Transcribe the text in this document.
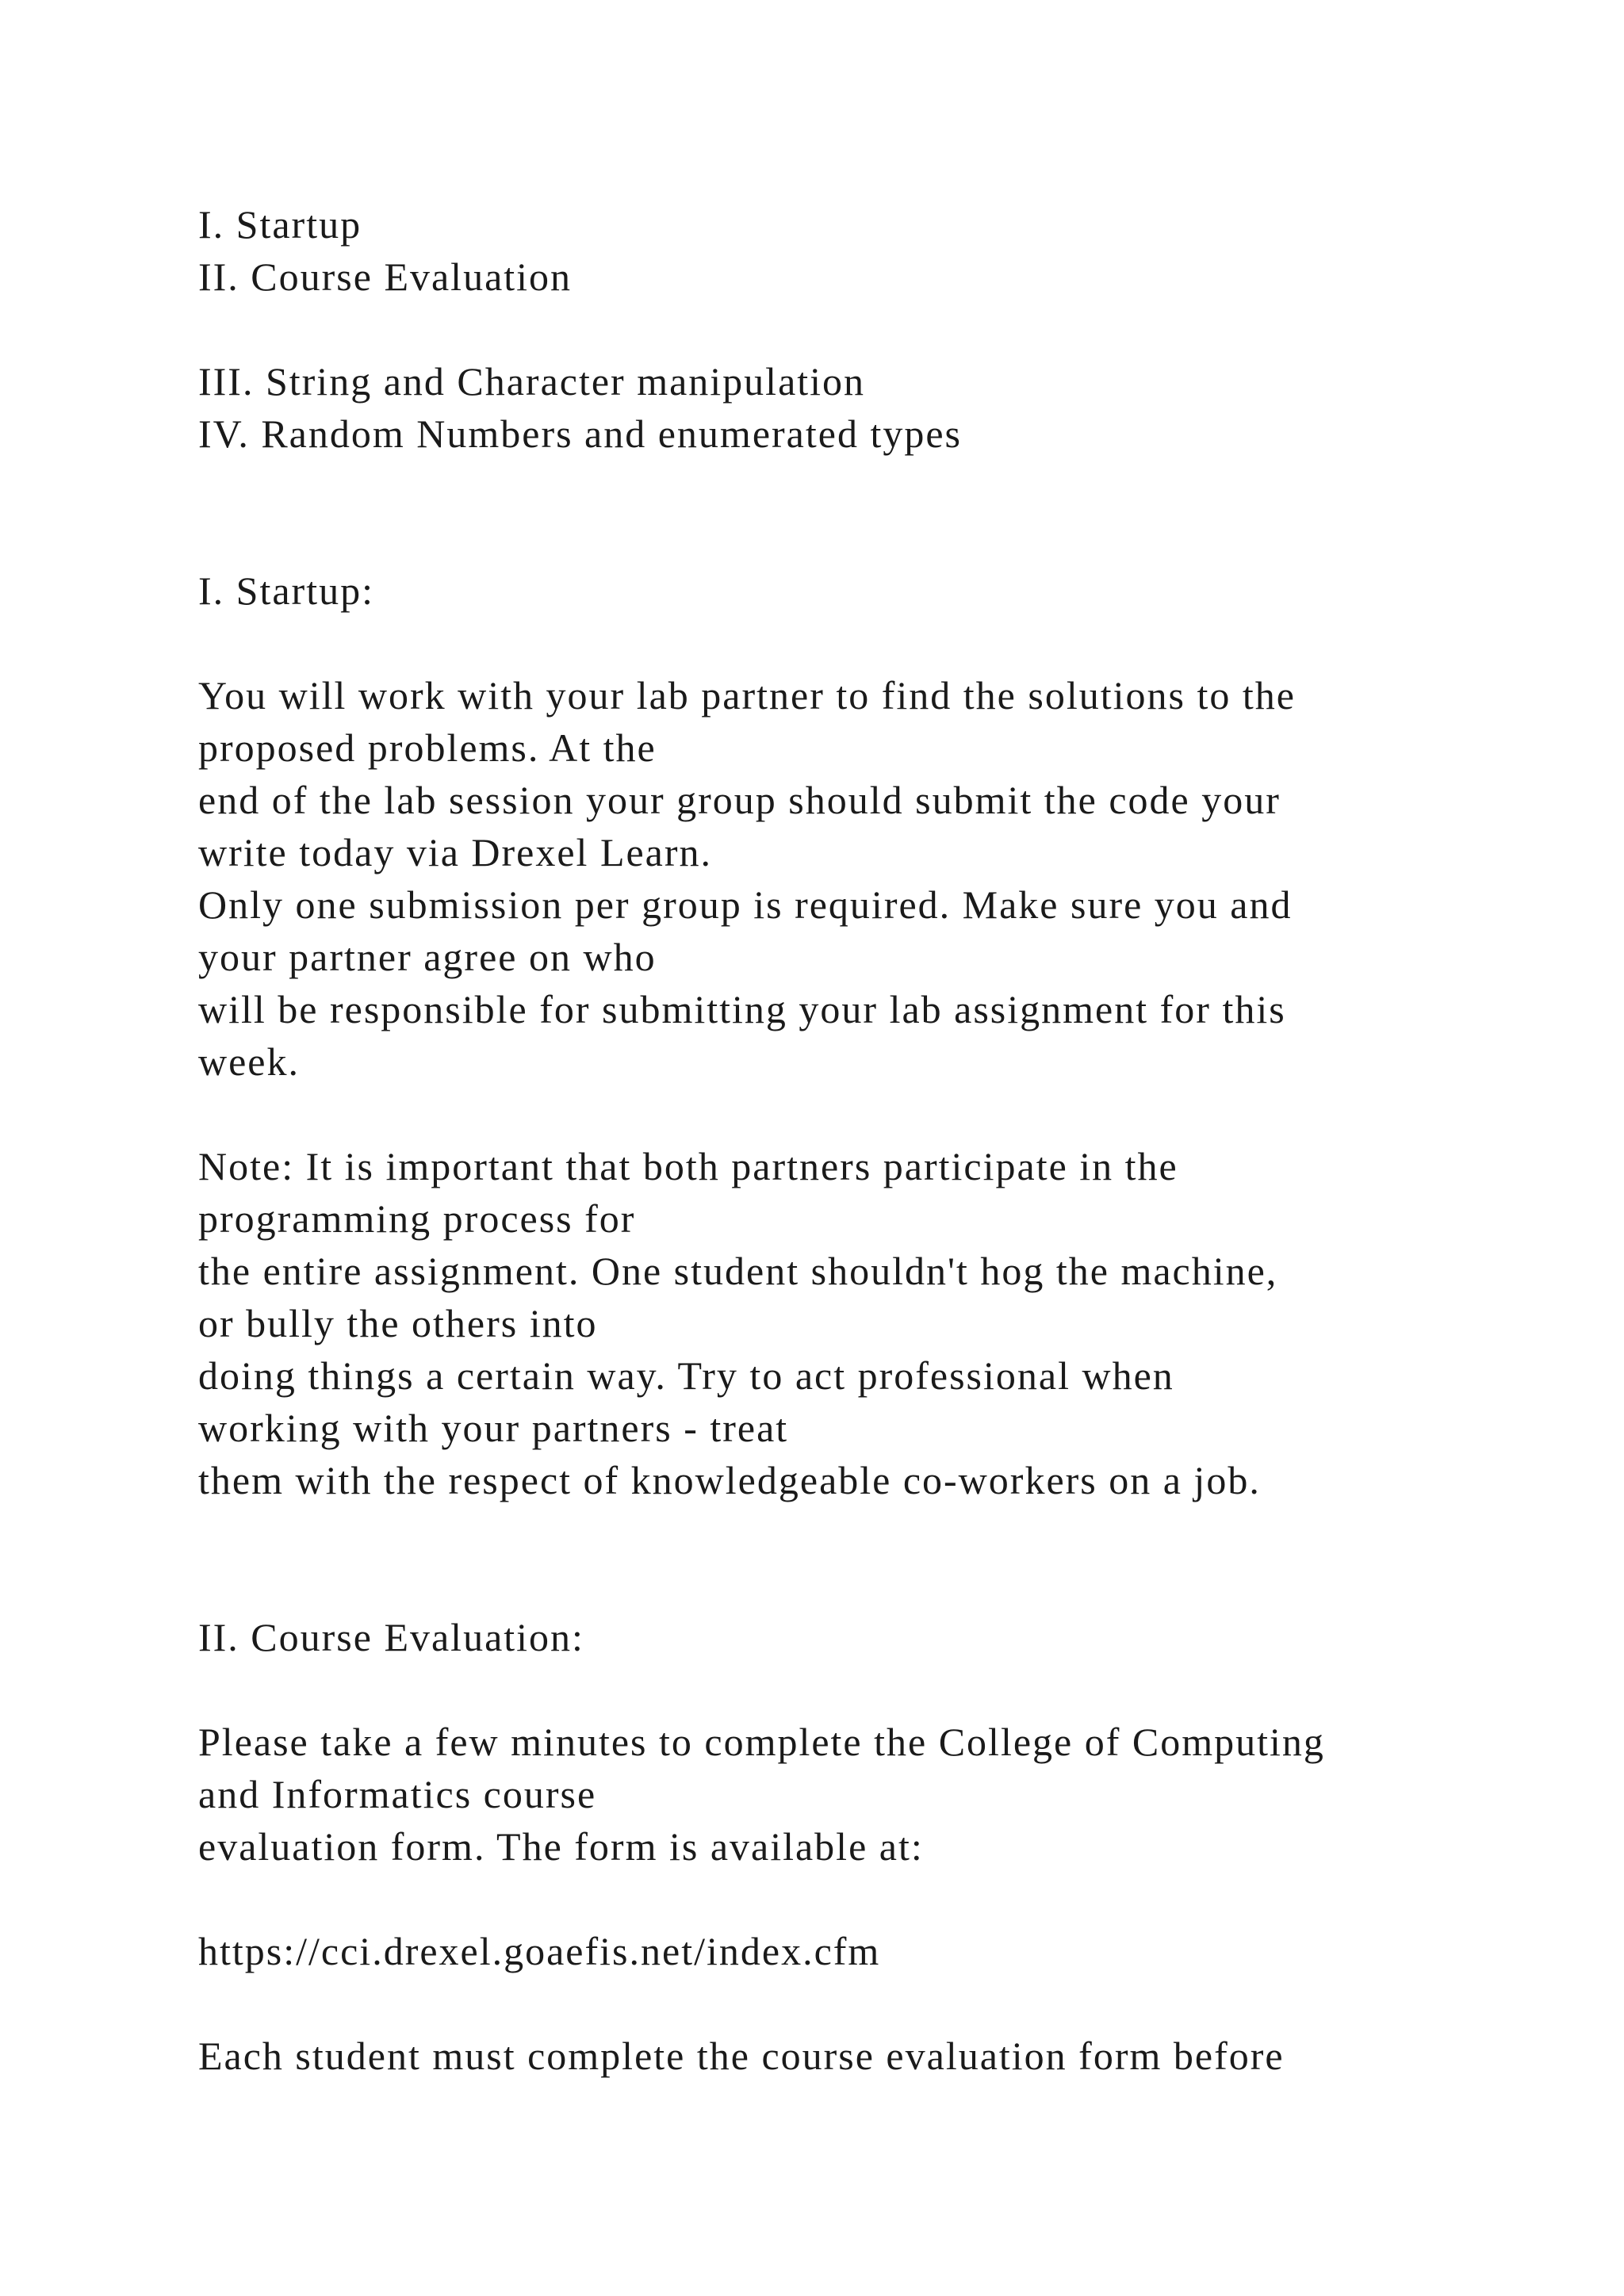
I. Startup
II. Course Evaluation
III. String and Character manipulation
IV. Random Numbers and enumerated types
I. Startup:
You will work with your lab partner to find the solutions to the
proposed problems. At the
end of the lab session your group should submit the code your
write today via Drexel Learn.
Only one submission per group is required. Make sure you and
your partner agree on who
will be responsible for submitting your lab assignment for this
week.
Note: It is important that both partners participate in the
programming process for
the entire assignment. One student shouldn't hog the machine,
or bully the others into
doing things a certain way. Try to act professional when
working with your partners - treat
them with the respect of knowledgeable co-workers on a job.
II. Course Evaluation:
Please take a few minutes to complete the College of Computing
and Informatics course
evaluation form. The form is available at:
https://cci.drexel.goaefis.net/index.cfm
Each student must complete the course evaluation form before
